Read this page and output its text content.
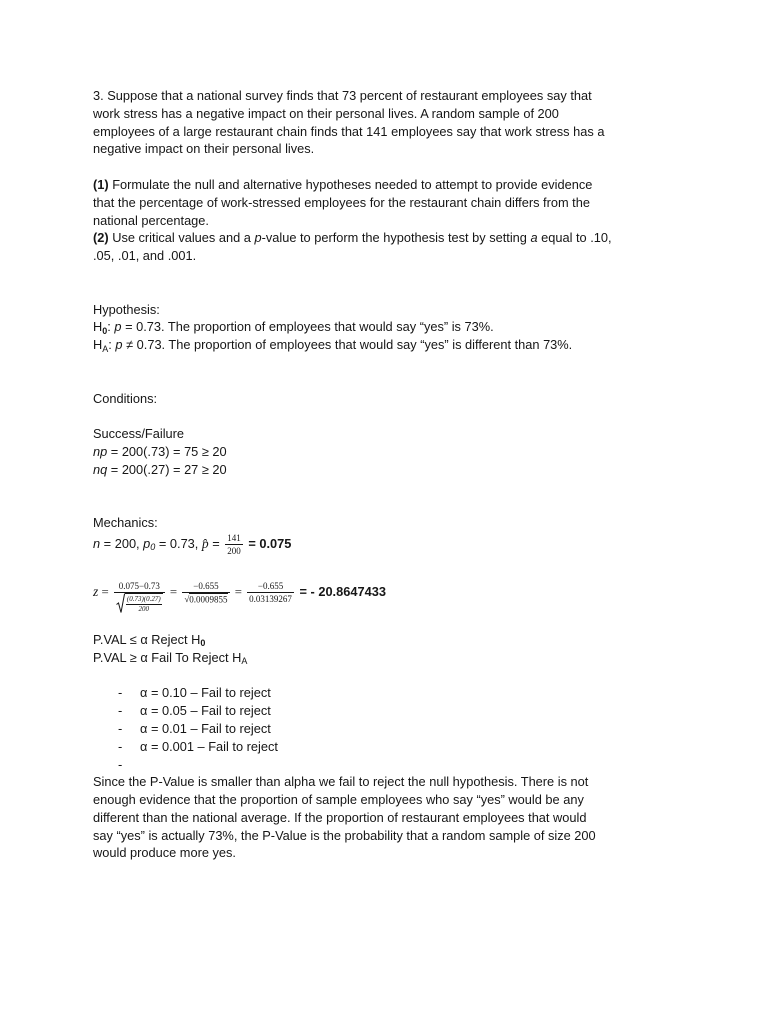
3. Suppose that a national survey finds that 73 percent of restaurant employees say that
work stress has a negative impact on their personal lives. A random sample of 200
employees of a large restaurant chain finds that 141 employees say that work stress has a
negative impact on their personal lives.
(1) Formulate the null and alternative hypotheses needed to attempt to provide evidence
that the percentage of work-stressed employees for the restaurant chain differs from the
national percentage.
(2) Use critical values and a p-value to perform the hypothesis test by setting a equal to .10,
.05, .01, and .001.
Hypothesis:
H0: p = 0.73. The proportion of employees that would say “yes” is 73%.
HA: p ≠ 0.73. The proportion of employees that would say “yes” is different than 73%.
Conditions:
Success/Failure
np = 200(.73) = 75 ≥ 20
nq = 200(.27) = 27 ≥ 20
Mechanics:
n = 200, p0 = 0.73, p̂ = $\frac{141}{200} = 0.075$
$z = \frac{0.075-0.73}{\frac{(0.73)(0.27)}{200}} = \frac{-0.655}{√0.0009855} = \frac{-0.655}{0.03139267}$ = - 20.8647433
P.VAL ≤ α Reject H0
P.VAL ≥ α Fail To Reject HA
- α = 0.10 – Fail to reject
- α = 0.05 – Fail to reject
- α = 0.01 – Fail to reject
- α = 0.001 – Fail to reject
-
Since the P-Value is smaller than alpha we fail to reject the null hypothesis. There is not
enough evidence that the proportion of sample employees who say “yes” would be any
different than the national average. If the proportion of restaurant employees that would
say “yes” is actually 73%, the P-Value is the probability that a random sample of size 200
would produce more yes.
